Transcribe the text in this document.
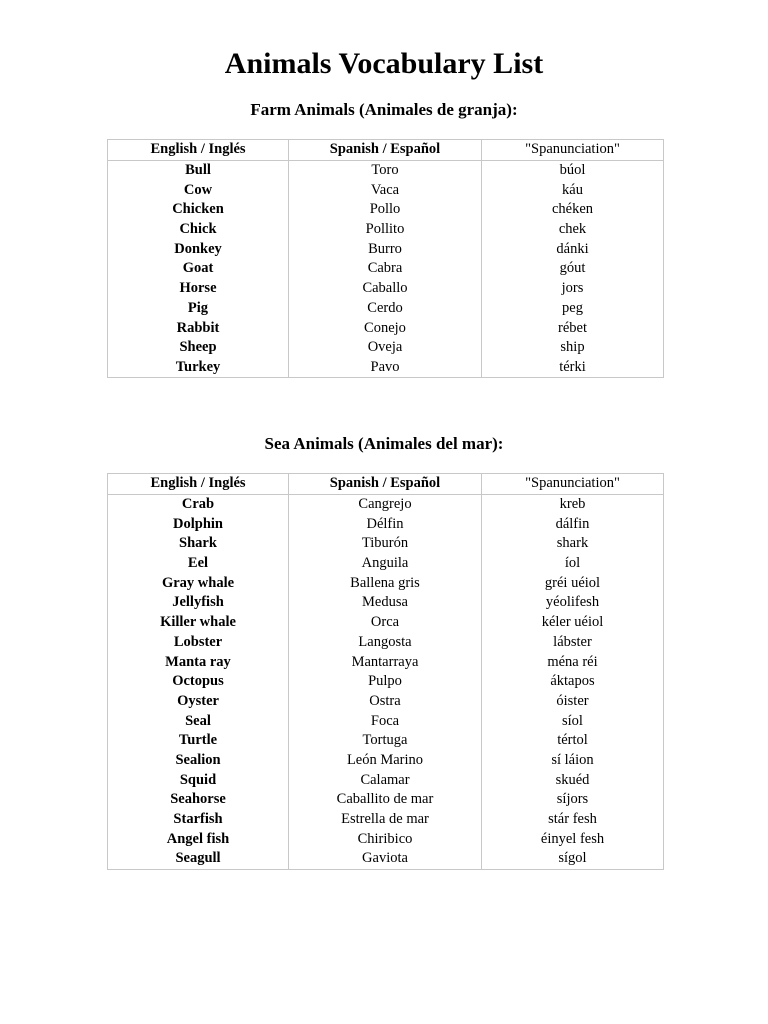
Animals Vocabulary List
Farm Animals (Animales de granja):
English / Inglés	Spanish / Español	"Spanunciation"
Bull	Toro	búol
Cow	Vaca	káu
Chicken	Pollo	chéken
Chick	Pollito	chek
Donkey	Burro	dánki
Goat	Cabra	góut
Horse	Caballo	jors
Pig	Cerdo	peg
Rabbit	Conejo	rébet
Sheep	Oveja	ship
Turkey	Pavo	térki
Sea Animals (Animales del mar):
English / Inglés	Spanish / Español	"Spanunciation"
Crab	Cangrejo	kreb
Dolphin	Délfin	dálfin
Shark	Tiburón	shark
Eel	Anguila	íol
Gray whale	Ballena gris	gréi uéiol
Jellyfish	Medusa	yéolifesh
Killer whale	Orca	kéler uéiol
Lobster	Langosta	lábster
Manta ray	Mantarraya	ména réi
Octopus	Pulpo	áktapos
Oyster	Ostra	óister
Seal	Foca	síol
Turtle	Tortuga	tértol
Sealion	León Marino	sí láion
Squid	Calamar	skuéd
Seahorse	Caballito de mar	síjors
Starfish	Estrella de mar	stár fesh
Angel fish	Chiribico	éinyel fesh
Seagull	Gaviota	sígol
